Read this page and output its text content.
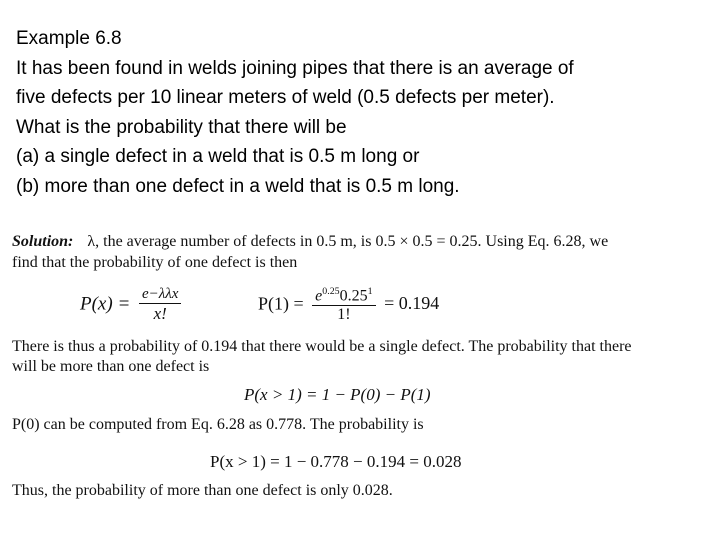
Example 6.8
It has been found in welds joining pipes that there is an average of
five defects per 10 linear meters of weld (0.5 defects per meter).
What is the probability that there will be
(a) a single defect in a weld that is 0.5 m long or
(b) more than one defect in a weld that is 0.5 m long.
Solution: λ, the average number of defects in 0.5 m, is 0.5 × 0.5 = 0.25. Using Eq. 6.28, we
find that the probability of one defect is then
$P(x) = \frac{\text{e−λλx}}{x!}$	$P(1) = \frac{e^{0.25}0.25^1}{1!} = 0.194$
There is thus a probability of 0.194 that there would be a single defect. The probability that there
will be more than one defect is
P(x > 1) = 1 − P(0) − P(1)
P(0) can be computed from Eq. 6.28 as 0.778. The probability is
P(x > 1) = 1 − 0.778 − 0.194 = 0.028
Thus, the probability of more than one defect is only 0.028.
